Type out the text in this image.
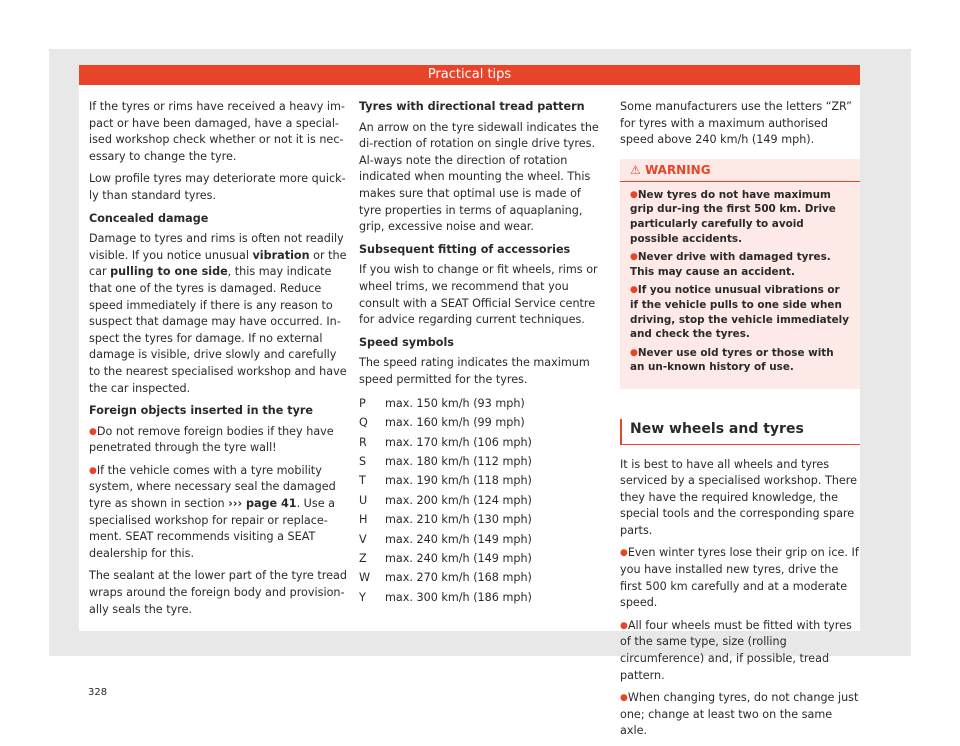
Practical tips

If the tyres or rims have received a heavy im-pact or have been damaged, have a special-ised workshop check whether or not it is nec-essary to change the tyre.

Low profile tyres may deteriorate more quick-ly than standard tyres.

Concealed damage

Damage to tyres and rims is often not readily visible. If you notice unusual vibration or the car pulling to one side, this may indicate that one of the tyres is damaged. Reduce speed immediately if there is any reason to suspect that damage may have occurred. In-spect the tyres for damage. If no external damage is visible, drive slowly and carefully to the nearest specialised workshop and have the car inspected.

Foreign objects inserted in the tyre

● Do not remove foreign bodies if they have penetrated through the tyre wall!

● If the vehicle comes with a tyre mobility system, where necessary seal the damaged tyre as shown in section ››› page 41. Use a specialised workshop for repair or replace-ment. SEAT recommends visiting a SEAT dealership for this.

The sealant at the lower part of the tyre tread wraps around the foreign body and provision-ally seals the tyre.

Tyres with directional tread pattern

An arrow on the tyre sidewall indicates the di-rection of rotation on single drive tyres. Al-ways note the direction of rotation indicated when mounting the wheel. This makes sure that optimal use is made of tyre properties in terms of aquaplaning, grip, excessive noise and wear.

Subsequent fitting of accessories

If you wish to change or fit wheels, rims or wheel trims, we recommend that you consult with a SEAT Official Service centre for advice regarding current techniques.

Speed symbols

The speed rating indicates the maximum speed permitted for the tyres.

P	max. 150 km/h (93 mph)
Q	max. 160 km/h (99 mph)
R	max. 170 km/h (106 mph)
S	max. 180 km/h (112 mph)
T	max. 190 km/h (118 mph)
U	max. 200 km/h (124 mph)
H	max. 210 km/h (130 mph)
V	max. 240 km/h (149 mph)
Z	max. 240 km/h (149 mph)
W	max. 270 km/h (168 mph)
Y	max. 300 km/h (186 mph)

Some manufacturers use the letters “ZR” for tyres with a maximum authorised speed above 240 km/h (149 mph).

⚠ WARNING

● New tyres do not have maximum grip dur-ing the first 500 km. Drive particularly carefully to avoid possible accidents.

● Never drive with damaged tyres. This may cause an accident.

● If you notice unusual vibrations or if the vehicle pulls to one side when driving, stop the vehicle immediately and check the tyres.

● Never use old tyres or those with an un-known history of use.

New wheels and tyres

It is best to have all wheels and tyres serviced by a specialised workshop. There they have the required knowledge, the special tools and the corresponding spare parts.

● Even winter tyres lose their grip on ice. If you have installed new tyres, drive the first 500 km carefully and at a moderate speed.

● All four wheels must be fitted with tyres of the same type, size (rolling circumference) and, if possible, tread pattern.

● When changing tyres, do not change just one; change at least two on the same axle.

328
